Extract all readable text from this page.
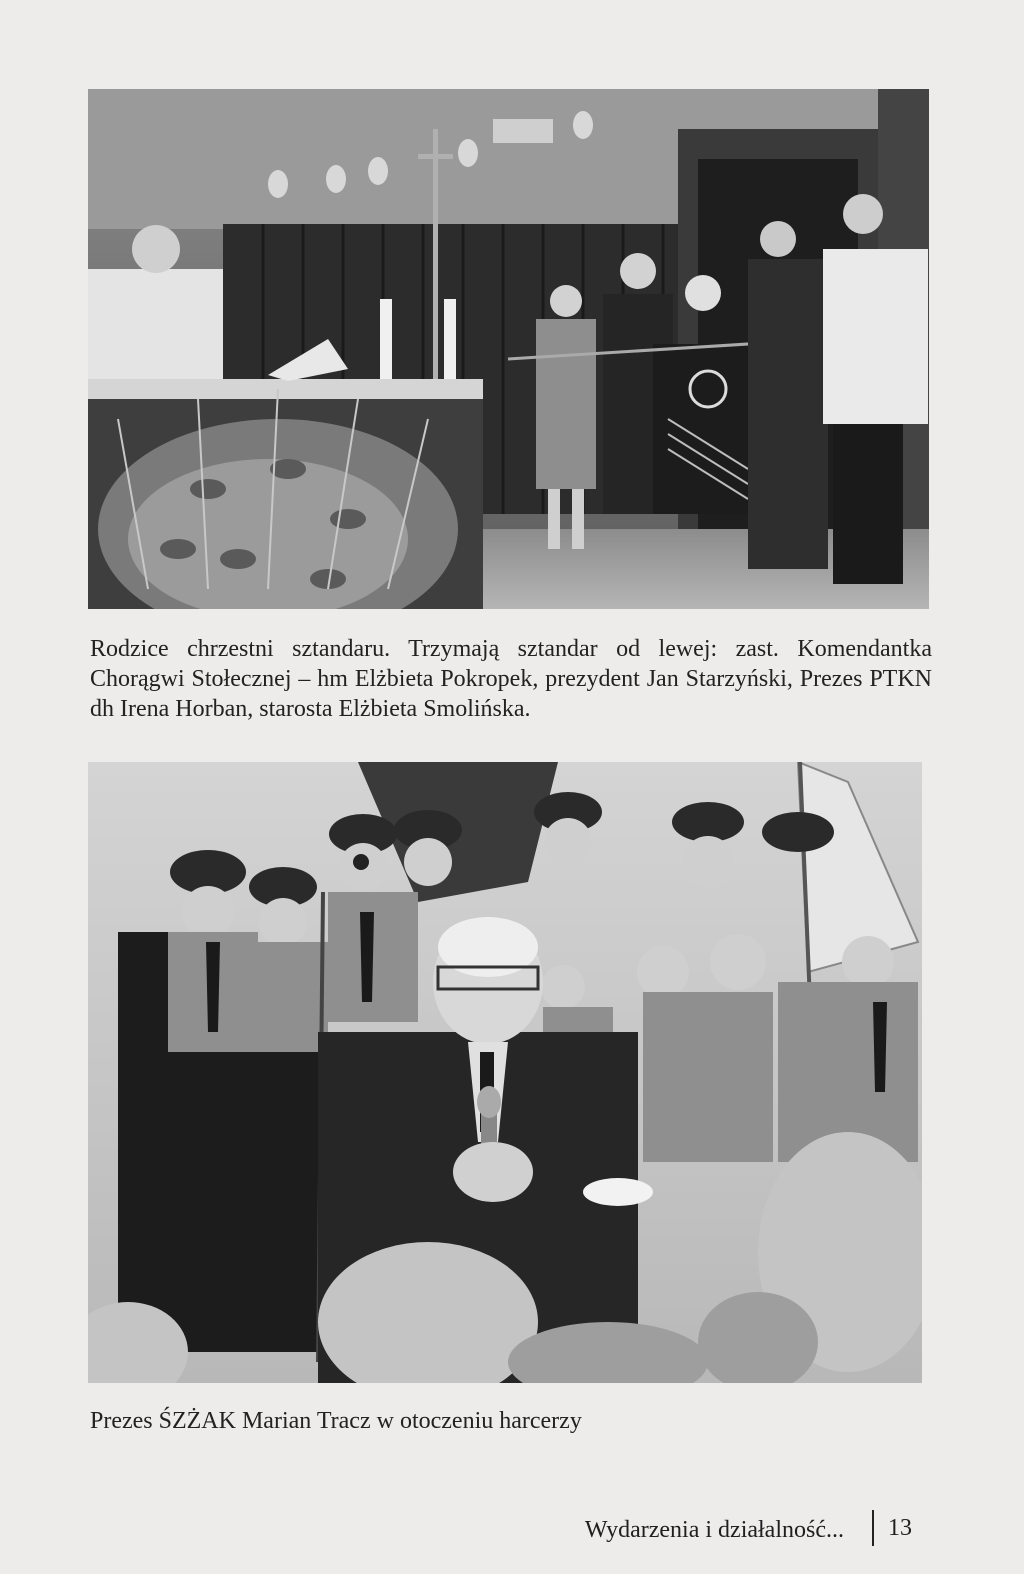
Rodzice chrzestni sztandaru. Trzymają sztandar od lewej: zast. Komendantka Chorągwi Stołecznej – hm Elżbieta Pokropek, prezydent Jan Starzyński, Prezes PTKN dh Irena Horban, starosta Elżbieta Smolińska.
Prezes ŚZŻAK Marian Tracz w otoczeniu harcerzy
Wydarzenia i działalność... 13
